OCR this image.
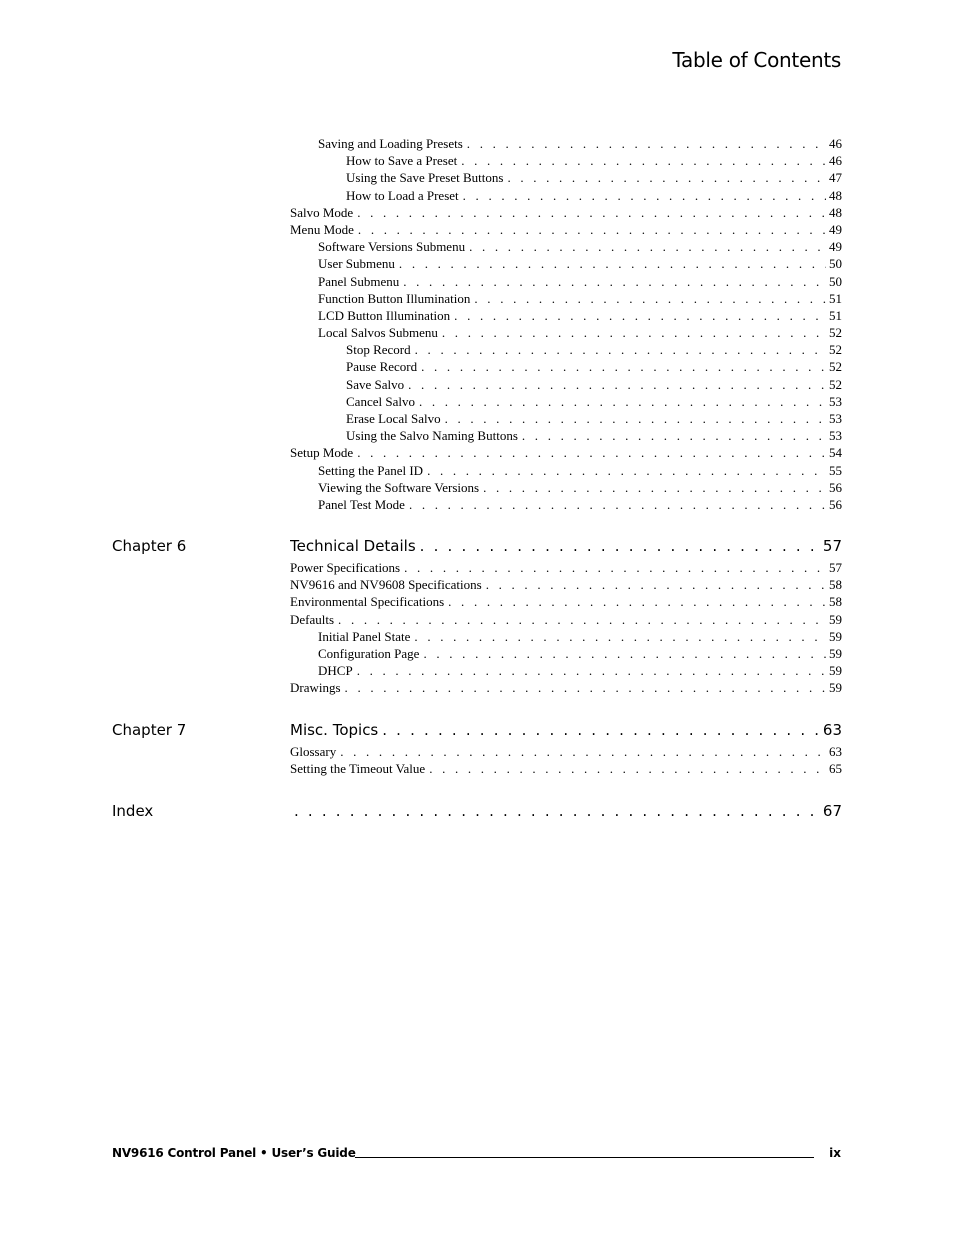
Table of Contents
Saving and Loading Presets . . .	46
How to Save a Preset . . .	46
Using the Save Preset Buttons . . .	47
How to Load a Preset . . .	48
Salvo Mode . . .	48
Menu Mode . . .	49
Software Versions Submenu . . .	49
User Submenu . . .	50
Panel Submenu . . .	50
Function Button Illumination . . .	51
LCD Button Illumination . . .	51
Local Salvos Submenu . . .	52
Stop Record . . .	52
Pause Record . . .	52
Save Salvo . . .	52
Cancel Salvo . . .	53
Erase Local Salvo . . .	53
Using the Salvo Naming Buttons . . .	53
Setup Mode . . .	54
Setting the Panel ID . . .	55
Viewing the Software Versions . . .	56
Panel Test Mode . . .	56
Chapter 6	Technical Details . . .	57
Power Specifications . . .	57
NV9616 and NV9608 Specifications . . .	58
Environmental Specifications . . .	58
Defaults . . .	59
Initial Panel State . . .	59
Configuration Page . . .	59
DHCP . . .	59
Drawings . . .	59
Chapter 7	Misc. Topics . . .	63
Glossary . . .	63
Setting the Timeout Value . . .	65
Index . . .	67
NV9616 Control Panel • User’s Guide	ix
